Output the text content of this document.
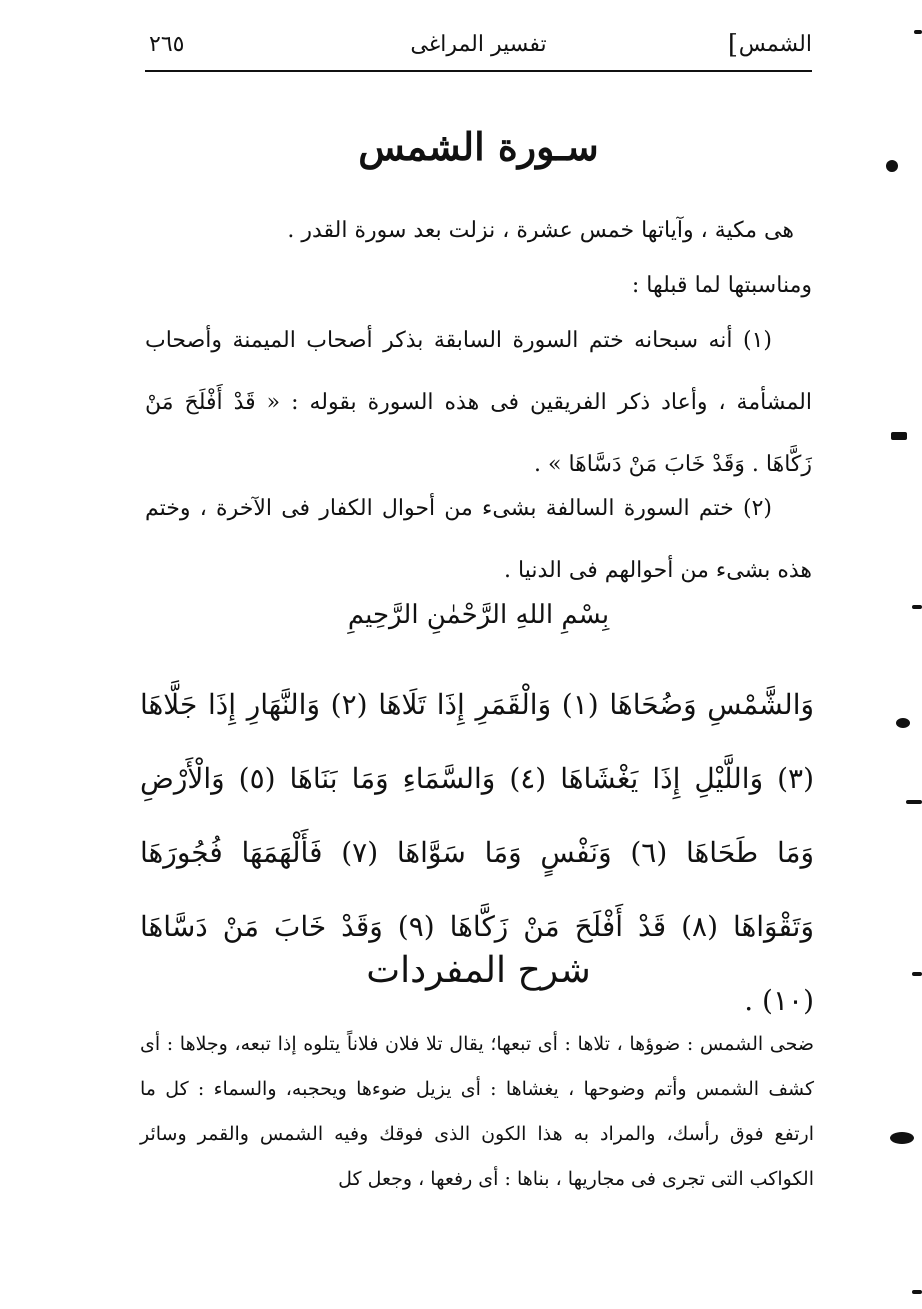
الشمس
]
تفسير المراغى
٢٦٥
سـورة الشمس
هى مكية ، وآياتها خمس عشرة ، نزلت بعد سورة القدر .
ومناسبتها لما قبلها :
(١) أنه سبحانه ختم السورة السابقة بذكر أصحاب الميمنة وأصحاب المشأمة ، وأعاد ذكر الفريقين فى هذه السورة بقوله : « قَدْ أَفْلَحَ مَنْ زَكَّاهَا . وَقَدْ خَابَ مَنْ دَسَّاهَا » .
(٢) ختم السورة السالفة بشىء من أحوال الكفار فى الآخرة ، وختم هذه بشىء من أحوالهم فى الدنيا .
بِسْمِ اللهِ الرَّحْمٰنِ الرَّحِيمِ
وَالشَّمْسِ وَضُحَاهَا (١) وَالْقَمَرِ إِذَا تَلَاهَا (٢) وَالنَّهَارِ إِذَا جَلَّاهَا (٣) وَاللَّيْلِ إِذَا يَغْشَاهَا (٤) وَالسَّمَاءِ وَمَا بَنَاهَا (٥) وَالْأَرْضِ وَمَا طَحَاهَا (٦) وَنَفْسٍ وَمَا سَوَّاهَا (٧) فَأَلْهَمَهَا فُجُورَهَا وَتَقْوَاهَا (٨) قَدْ أَفْلَحَ مَنْ زَكَّاهَا (٩) وَقَدْ خَابَ مَنْ دَسَّاهَا (١٠) .
شرح المفردات
ضحى الشمس : ضوؤها ، تلاها : أى تبعها؛ يقال تلا فلان فلاناً يتلوه إذا تبعه، وجلاها : أى كشف الشمس وأتم وضوحها ، يغشاها : أى يزيل ضوءها ويحجبه، والسماء : كل ما ارتفع فوق رأسك، والمراد به هذا الكون الذى فوقك وفيه الشمس والقمر وسائر الكواكب التى تجرى فى مجاريها ، بناها : أى رفعها ، وجعل كل
